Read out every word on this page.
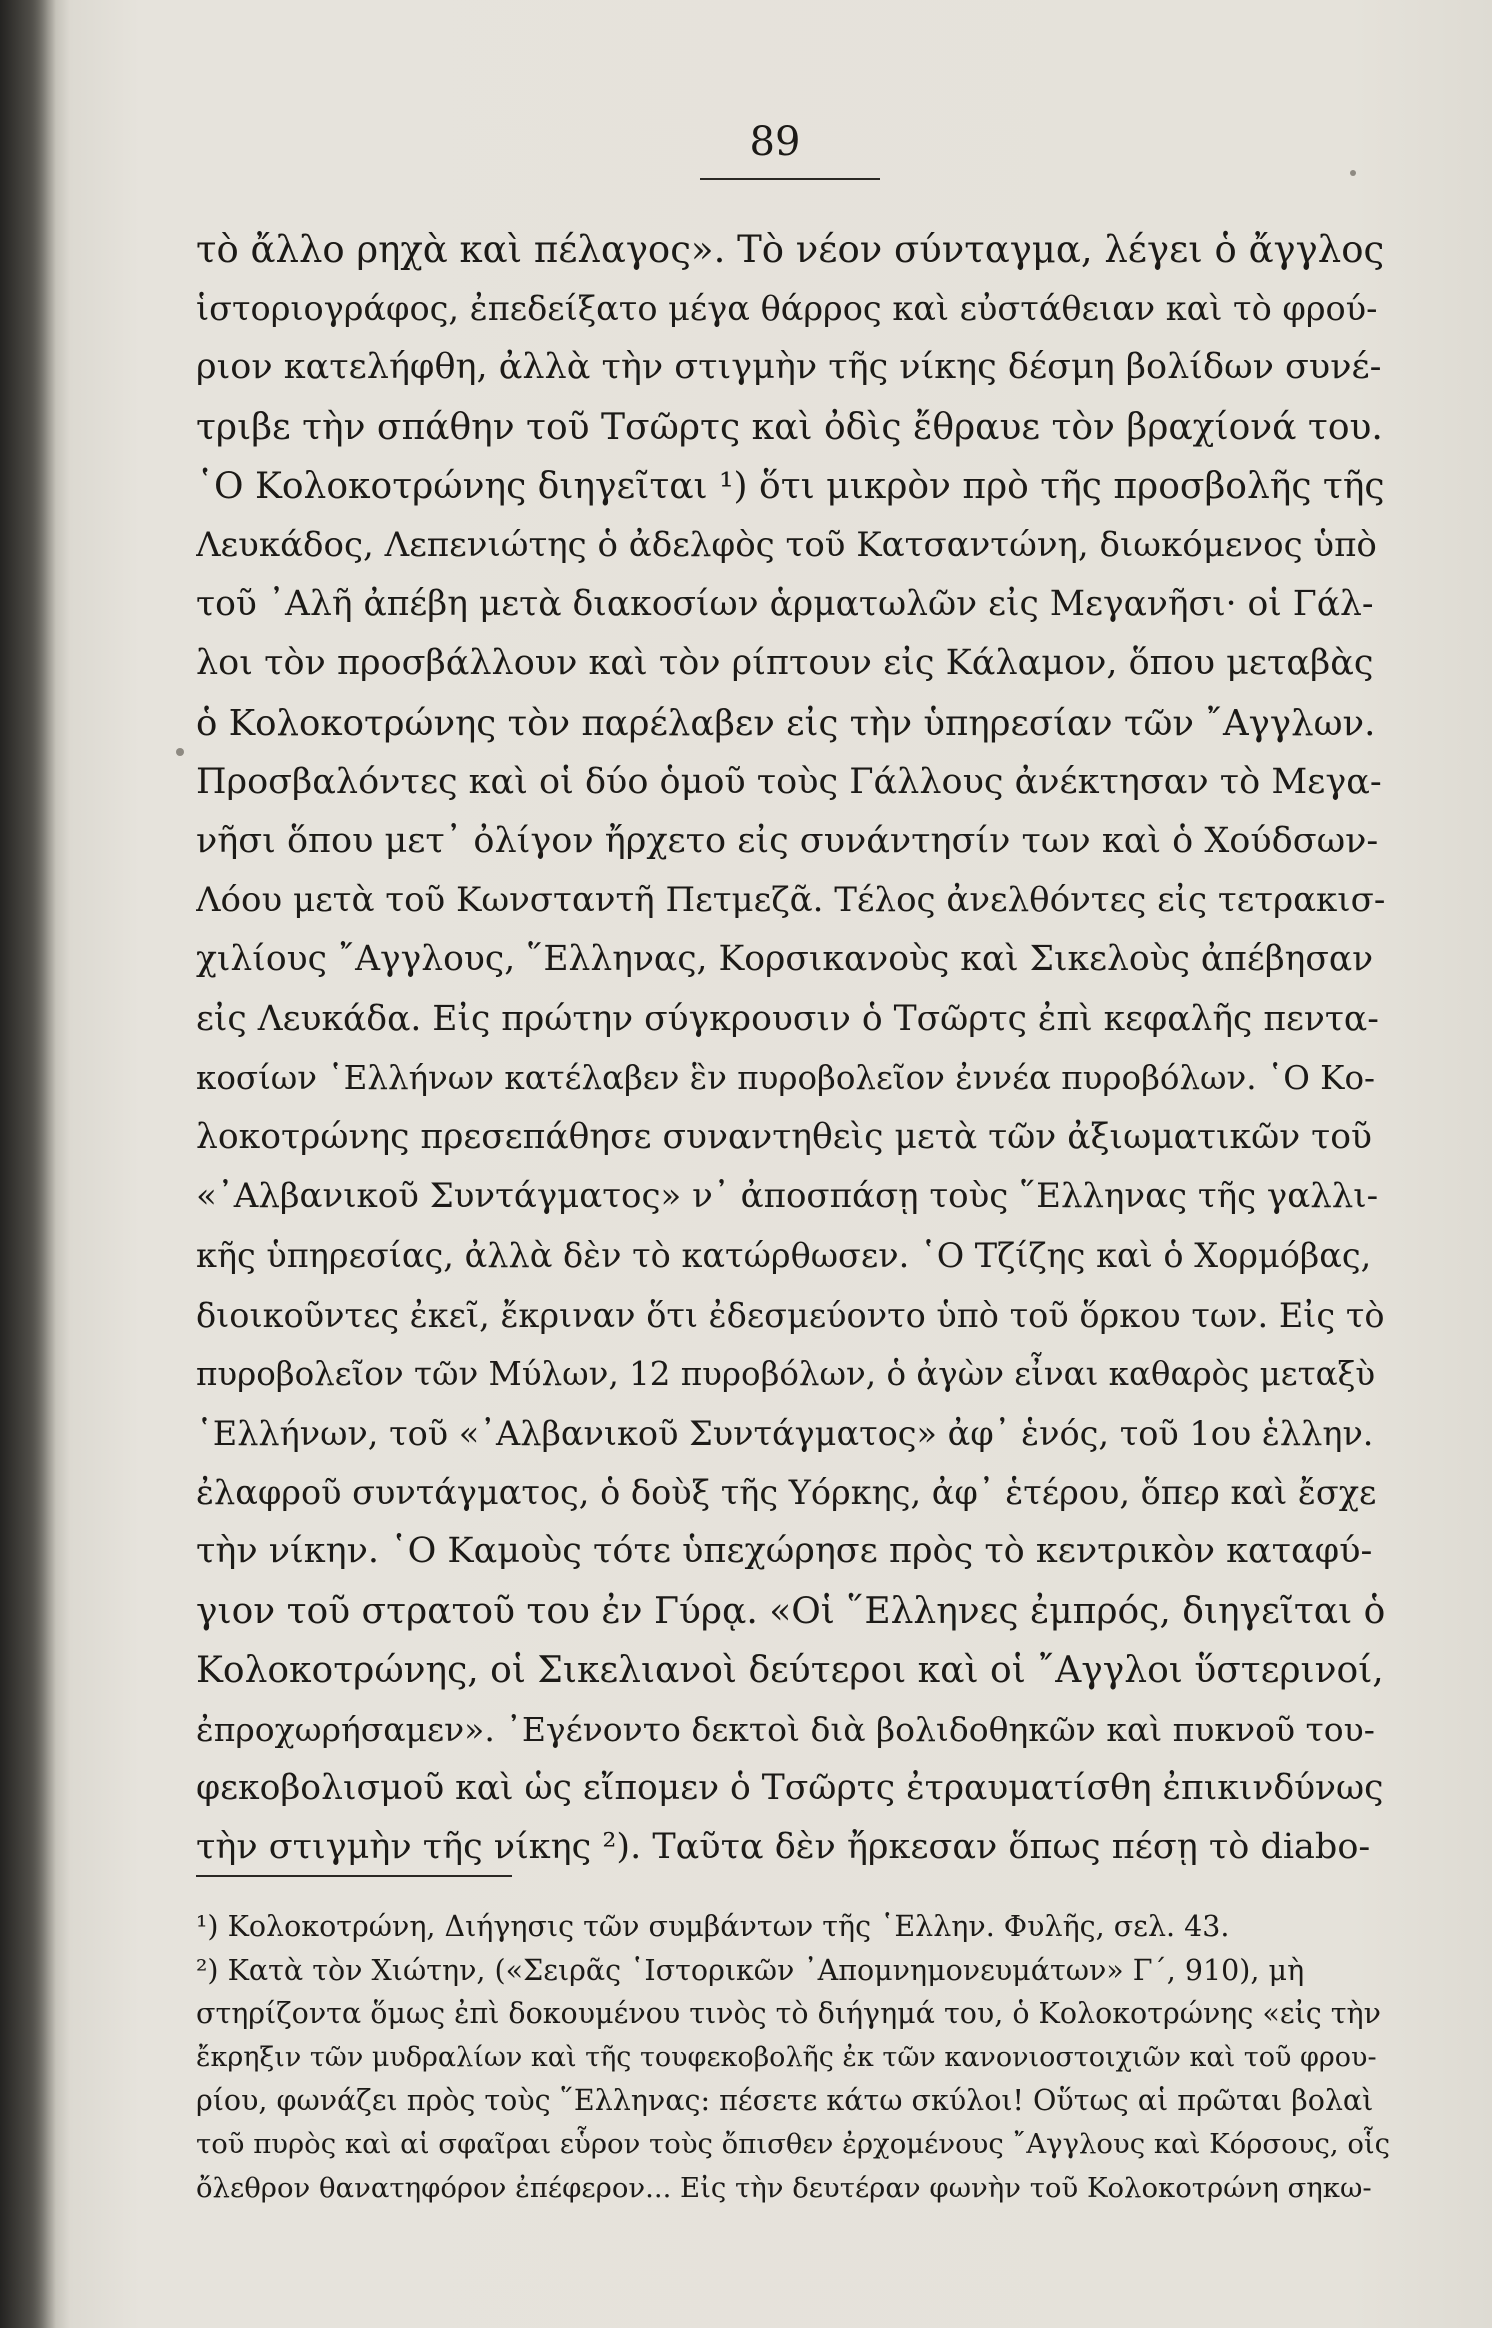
89
τὸ ἄλλο ρηχὰ καὶ πέλαγος». Τὸ νέον σύνταγμα, λέγει ὁ ἄγγλος
ἱστοριογράφος, ἐπεδείξατο μέγα θάρρος καὶ εὐστάθειαν καὶ τὸ φρού-
ριον κατελήφθη, ἀλλὰ τὴν στιγμὴν τῆς νίκης δέσμη βολίδων συνέ-
τριβε τὴν σπάθην τοῦ Τσῶρτς καὶ ὀδὶς ἔθραυε τὸν βραχίονά του.
῾Ο Κολοκοτρώνης διηγεῖται ¹) ὅτι μικρὸν πρὸ τῆς προσβολῆς τῆς
Λευκάδος, Λεπενιώτης ὁ ἀδελφὸς τοῦ Κατσαντώνη, διωκόμενος ὑπὸ
τοῦ ᾿Αλῆ ἀπέβη μετὰ διακοσίων ἁρματωλῶν εἰς Μεγανῆσι· οἱ Γάλ-
λοι τὸν προσβάλλουν καὶ τὸν ρίπτουν εἰς Κάλαμον, ὅπου μεταβὰς
ὁ Κολοκοτρώνης τὸν παρέλαβεν εἰς τὴν ὑπηρεσίαν τῶν ῎Αγγλων.
Προσβαλόντες καὶ οἱ δύο ὁμοῦ τοὺς Γάλλους ἀνέκτησαν τὸ Μεγα-
νῆσι ὅπου μετ᾿ ὀλίγον ἤρχετο εἰς συνάντησίν των καὶ ὁ Χούδσων-
Λόου μετὰ τοῦ Κωνσταντῆ Πετμεζᾶ. Τέλος ἀνελθόντες εἰς τετρακισ-
χιλίους ῎Αγγλους, ῞Ελληνας, Κορσικανοὺς καὶ Σικελοὺς ἀπέβησαν
εἰς Λευκάδα. Εἰς πρώτην σύγκρουσιν ὁ Τσῶρτς ἐπὶ κεφαλῆς πεντα-
κοσίων ῾Ελλήνων κατέλαβεν ἓν πυροβολεῖον ἐννέα πυροβόλων. ῾Ο Κο-
λοκοτρώνης πρεσεπάθησε συναντηθεὶς μετὰ τῶν ἀξιωματικῶν τοῦ
«᾿Αλβανικοῦ Συντάγματος» ν᾿ ἀποσπάσῃ τοὺς ῞Ελληνας τῆς γαλλι-
κῆς ὑπηρεσίας, ἀλλὰ δὲν τὸ κατώρθωσεν. ῾Ο Τζίζης καὶ ὁ Χορμόβας,
διοικοῦντες ἐκεῖ, ἔκριναν ὅτι ἐδεσμεύοντο ὑπὸ τοῦ ὅρκου των. Εἰς τὸ
πυροβολεῖον τῶν Μύλων, 12 πυροβόλων, ὁ ἀγὼν εἶναι καθαρὸς μεταξὺ
῾Ελλήνων, τοῦ «᾿Αλβανικοῦ Συντάγματος» ἀφ᾿ ἑνός, τοῦ 1ου ἑλλην.
ἐλαφροῦ συντάγματος, ὁ δοὺξ τῆς Υόρκης, ἀφ᾿ ἑτέρου, ὅπερ καὶ ἔσχε
τὴν νίκην. ῾Ο Καμοὺς τότε ὑπεχώρησε πρὸς τὸ κεντρικὸν καταφύ-
γιον τοῦ στρατοῦ του ἐν Γύρᾳ. «Οἱ ῞Ελληνες ἐμπρός, διηγεῖται ὁ
Κολοκοτρώνης, οἱ Σικελιανοὶ δεύτεροι καὶ οἱ ῎Αγγλοι ὕστερινοί,
ἐπροχωρήσαμεν». ᾿Εγένοντο δεκτοὶ διὰ βολιδοθηκῶν καὶ πυκνοῦ του-
φεκοβολισμοῦ καὶ ὡς εἴπομεν ὁ Τσῶρτς ἐτραυματίσθη ἐπικινδύνως
τὴν στιγμὴν τῆς νίκης ²). Ταῦτα δὲν ἤρκεσαν ὅπως πέσῃ τὸ diabo-
¹) Κολοκοτρώνη, Διήγησις τῶν συμβάντων τῆς ῾Ελλην. Φυλῆς, σελ. 43.
²) Κατὰ τὸν Χιώτην, («Σειρᾶς ῾Ιστορικῶν ᾿Απομνημονευμάτων» Γ΄, 910), μὴ
στηρίζοντα ὅμως ἐπὶ δοκουμένου τινὸς τὸ διήγημά του, ὁ Κολοκοτρώνης «εἰς τὴν
ἔκρηξιν τῶν μυδραλίων καὶ τῆς τουφεκοβολῆς ἐκ τῶν κανονιοστοιχιῶν καὶ τοῦ φρου-
ρίου, φωνάζει πρὸς τοὺς ῞Ελληνας: πέσετε κάτω σκύλοι! Οὕτως αἱ πρῶται βολαὶ
τοῦ πυρὸς καὶ αἱ σφαῖραι εὗρον τοὺς ὄπισθεν ἐρχομένους ῎Αγγλους καὶ Κόρσους, οἷς
ὄλεθρον θανατηφόρον ἐπέφερον... Εἰς τὴν δευτέραν φωνὴν τοῦ Κολοκοτρώνη σηκω-
